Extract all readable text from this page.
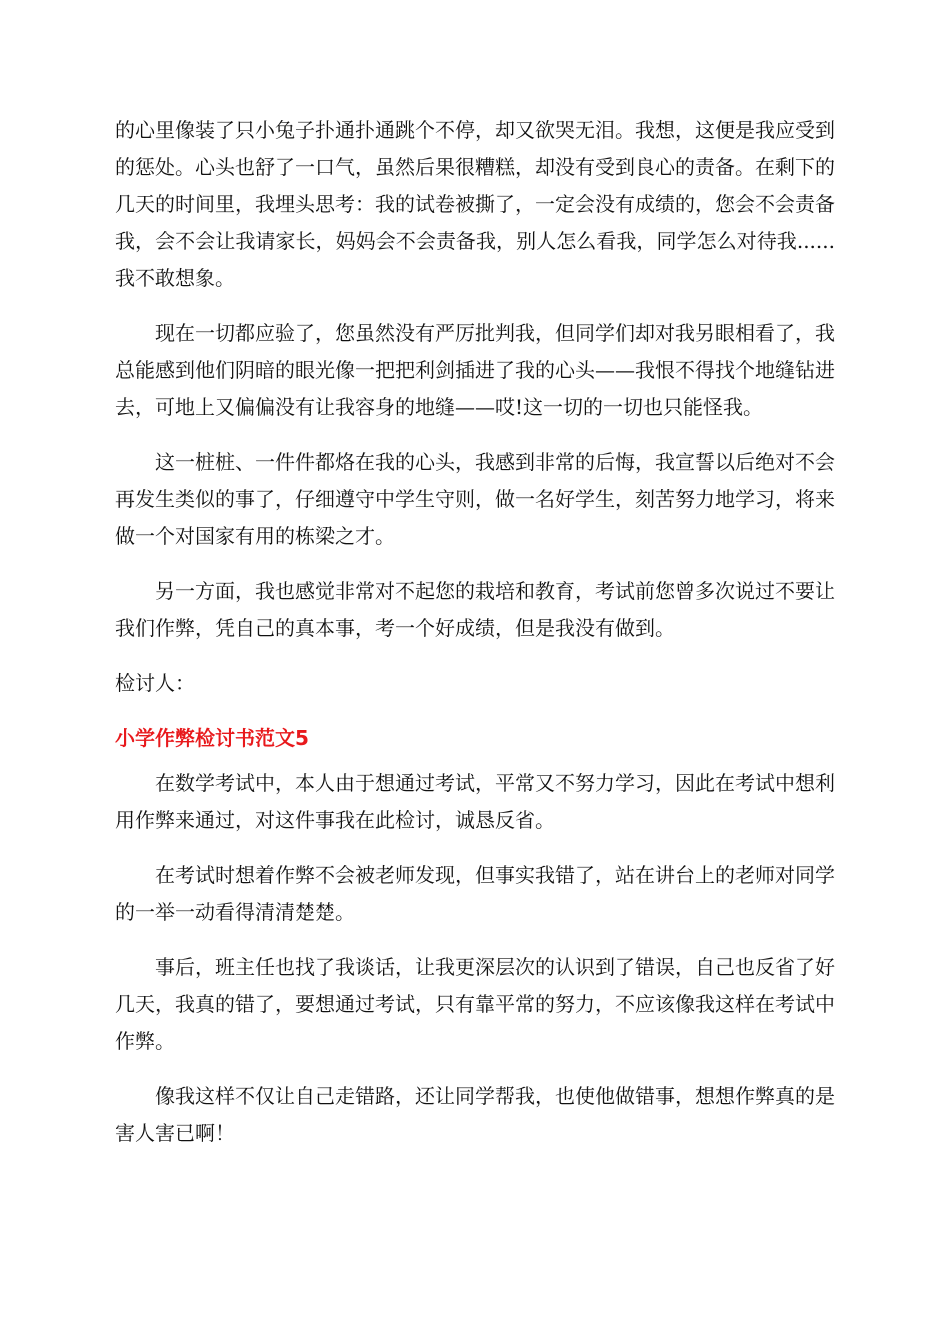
的心里像装了只小兔子扑通扑通跳个不停，却又欲哭无泪。我想，这便是我应受到的惩处。心头也舒了一口气，虽然后果很糟糕，却没有受到良心的责备。在剩下的几天的时间里，我埋头思考：我的试卷被撕了，一定会没有成绩的，您会不会责备我，会不会让我请家长，妈妈会不会责备我，别人怎么看我，同学怎么对待我......我不敢想象。

现在一切都应验了，您虽然没有严厉批判我，但同学们却对我另眼相看了，我总能感到他们阴暗的眼光像一把把利剑插进了我的心头——我恨不得找个地缝钻进去，可地上又偏偏没有让我容身的地缝——哎!这一切的一切也只能怪我。

这一桩桩、一件件都烙在我的心头，我感到非常的后悔，我宣誓以后绝对不会再发生类似的事了，仔细遵守中学生守则，做一名好学生，刻苦努力地学习，将来做一个对国家有用的栋梁之才。

另一方面，我也感觉非常对不起您的栽培和教育，考试前您曾多次说过不要让我们作弊，凭自己的真本事，考一个好成绩，但是我没有做到。

检讨人：

小学作弊检讨书范文5

在数学考试中，本人由于想通过考试，平常又不努力学习，因此在考试中想利用作弊来通过，对这件事我在此检讨，诚恳反省。

在考试时想着作弊不会被老师发现，但事实我错了，站在讲台上的老师对同学的一举一动看得清清楚楚。

事后，班主任也找了我谈话，让我更深层次的认识到了错误，自己也反省了好几天，我真的错了，要想通过考试，只有靠平常的努力，不应该像我这样在考试中作弊。

像我这样不仅让自己走错路，还让同学帮我，也使他做错事，想想作弊真的是害人害已啊！
